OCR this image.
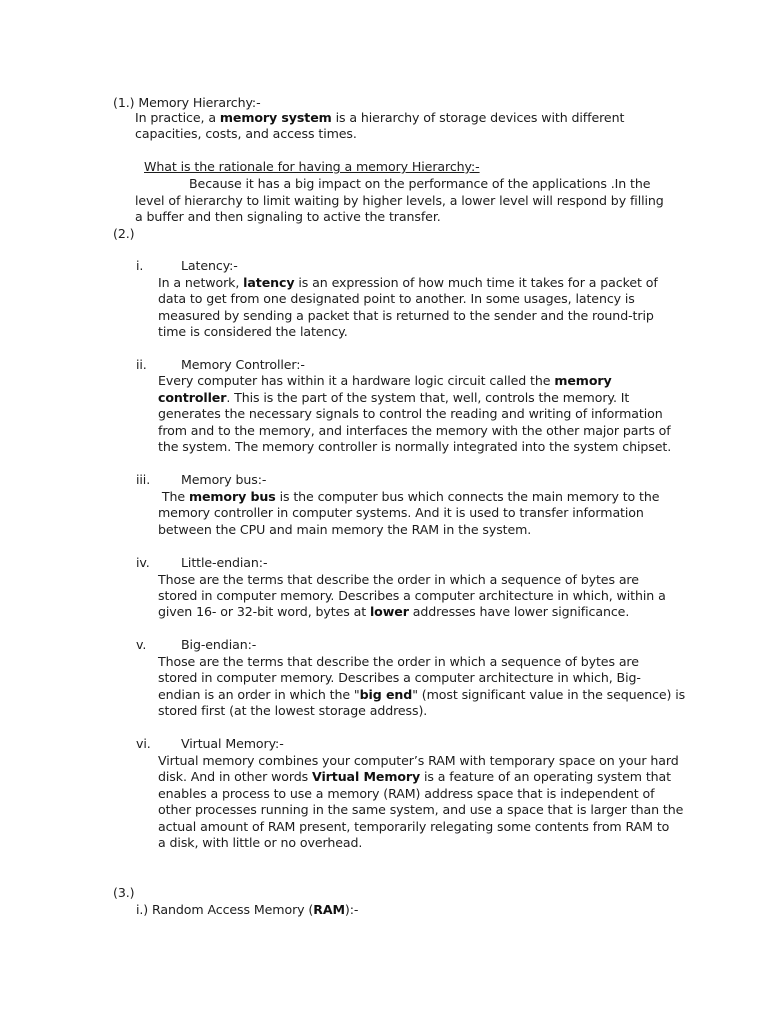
(1.) Memory Hierarchy:-
In practice, a memory system is a hierarchy of storage devices with different
capacities, costs, and access times.
What is the rationale for having a memory Hierarchy:-
Because it has a big impact on the performance of the applications .In the
level of hierarchy to limit waiting by higher levels, a lower level will respond by filling
a buffer and then signaling to active the transfer.
(2.)
i.	Latency:-
In a network, latency is an expression of how much time it takes for a packet of
data to get from one designated point to another. In some usages, latency is
measured by sending a packet that is returned to the sender and the round-trip
time is considered the latency.
ii.	Memory Controller:-
Every computer has within it a hardware logic circuit called the memory
controller. This is the part of the system that, well, controls the memory. It
generates the necessary signals to control the reading and writing of information
from and to the memory, and interfaces the memory with the other major parts of
the system. The memory controller is normally integrated into the system chipset.
iii. Memory bus:-
The memory bus is the computer bus which connects the main memory to the
memory controller in computer systems. And it is used to transfer information
between the CPU and main memory the RAM in the system.
iv. Little-endian:-
Those are the terms that describe the order in which a sequence of bytes are
stored in computer memory. Describes a computer architecture in which, within a
given 16- or 32-bit word, bytes at lower addresses have lower significance.
v.	Big-endian:-
Those are the terms that describe the order in which a sequence of bytes are
stored in computer memory. Describes a computer architecture in which, Big-
endian is an order in which the "big end" (most significant value in the sequence) is
stored first (at the lowest storage address).
vi. Virtual Memory:-
Virtual memory combines your computer’s RAM with temporary space on your hard
disk. And in other words Virtual Memory is a feature of an operating system that
enables a process to use a memory (RAM) address space that is independent of
other processes running in the same system, and use a space that is larger than the
actual amount of RAM present, temporarily relegating some contents from RAM to
a disk, with little or no overhead.
(3.)
i.) Random Access Memory (RAM):-
